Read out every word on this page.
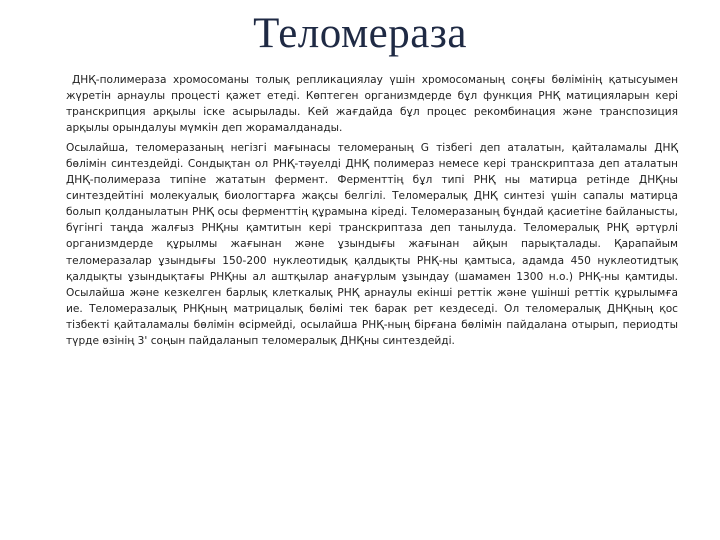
Теломераза

ДНҚ-полимераза хромосоманы толық репликациялау үшін хромосоманың соңғы бөлімінің қатысуымен жүретін арнаулы процесті қажет етеді. Көптеген организмдерде бұл функция РНҚ матицияларын кері транскрипция арқылы іске асырылады. Кей жағдайда бұл процес рекомбинация және транспозиция арқылы орындалуы мүмкін деп жорамалданады.

Осылайша, теломеразаның негізгі мағынасы теломераның G тізбегі деп аталатын, қайталамалы ДНҚ бөлімін синтездейді. Сондықтан ол РНҚ-тәуелді ДНҚ полимераз немесе кері транскриптаза деп аталатын ДНҚ-полимераза типіне жататын фермент. Ферменттің бұл типі РНҚ ны матирца ретінде ДНҚны синтездейтіні молекуалық биологтарға жақсы белгілі. Теломералық ДНҚ синтезі үшін сапалы матирца болып қолданылатын РНҚ осы ферменттің құрамына кіреді. Теломеразаның бұндай қасиетіне байланысты, бүгінгі таңда жалғыз РНҚны қамтитын кері транскриптаза деп танылуда. Теломералық РНҚ әртүрлі организмдерде құрылмы жағынан және ұзындығы жағынан айқын парықталады. Қарапайым теломеразалар ұзындығы 150-200 нуклеотидық қалдықты РНҚ-ны қамтыса, адамда 450 нуклеотидтық қалдықты ұзындықтағы РНҚны ал аштқылар анағұрлым ұзындау (шамамен 1300 н.о.) РНҚ-ны қамтиды. Осылайша және кезкелген барлық клеткалық РНҚ арнаулы екінші реттік және үшінші реттік құрылымға ие. Теломеразалық РНҚның матрицалық бөлімі тек барак рет кездеседі. Ол теломералық ДНҚның қос тізбекті қайталамалы бөлімін өсірмейді, осылайша РНҚ-ның бірғана бөлімін пайдалана отырып, периодты түрде өзінің 3' соңын пайдаланып теломералық ДНҚны синтездейді.
